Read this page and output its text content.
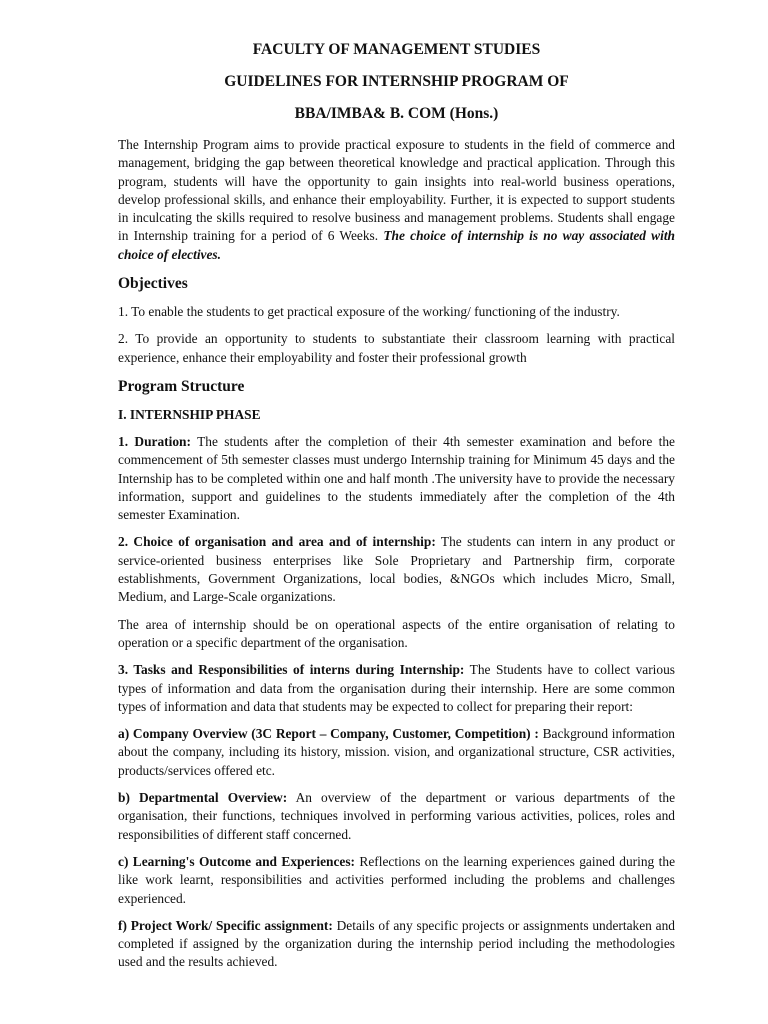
FACULTY OF MANAGEMENT STUDIES
GUIDELINES FOR INTERNSHIP PROGRAM OF
BBA/IMBA& B. COM (Hons.)

The Internship Program aims to provide practical exposure to students in the field of commerce and management, bridging the gap between theoretical knowledge and practical application. Through this program, students will have the opportunity to gain insights into real-world business operations, develop professional skills, and enhance their employability. Further, it is expected to support students in inculcating the skills required to resolve business and management problems. Students shall engage in Internship training for a period of 6 Weeks. The choice of internship is no way associated with choice of electives.

Objectives

1. To enable the students to get practical exposure of the working/ functioning of the industry.

2. To provide an opportunity to students to substantiate their classroom learning with practical experience, enhance their employability and foster their professional growth

Program Structure
I. INTERNSHIP PHASE

1. Duration: The students after the completion of their 4th semester examination and before the commencement of 5th semester classes must undergo Internship training for Minimum 45 days and the Internship has to be completed within one and half month .The university have to provide the necessary information, support and guidelines to the students immediately after the completion of the 4th semester Examination.

2. Choice of organisation and area and of internship: The students can intern in any product or service-oriented business enterprises like Sole Proprietary and Partnership firm, corporate establishments, Government Organizations, local bodies, &NGOs which includes Micro, Small, Medium, and Large-Scale organizations.

The area of internship should be on operational aspects of the entire organisation of relating to operation or a specific department of the organisation.

3. Tasks and Responsibilities of interns during Internship: The Students have to collect various types of information and data from the organisation during their internship. Here are some common types of information and data that students may be expected to collect for preparing their report:

a) Company Overview (3C Report – Company, Customer, Competition) : Background information about the company, including its history, mission. vision, and organizational structure, CSR activities, products/services offered etc.

b) Departmental Overview: An overview of the department or various departments of the organisation, their functions, techniques involved in performing various activities, polices, roles and responsibilities of different staff concerned.

c) Learning's Outcome and Experiences: Reflections on the learning experiences gained during the like work learnt, responsibilities and activities performed including the problems and challenges experienced.

f) Project Work/ Specific assignment: Details of any specific projects or assignments undertaken and completed if assigned by the organization during the internship period including the methodologies used and the results achieved.
